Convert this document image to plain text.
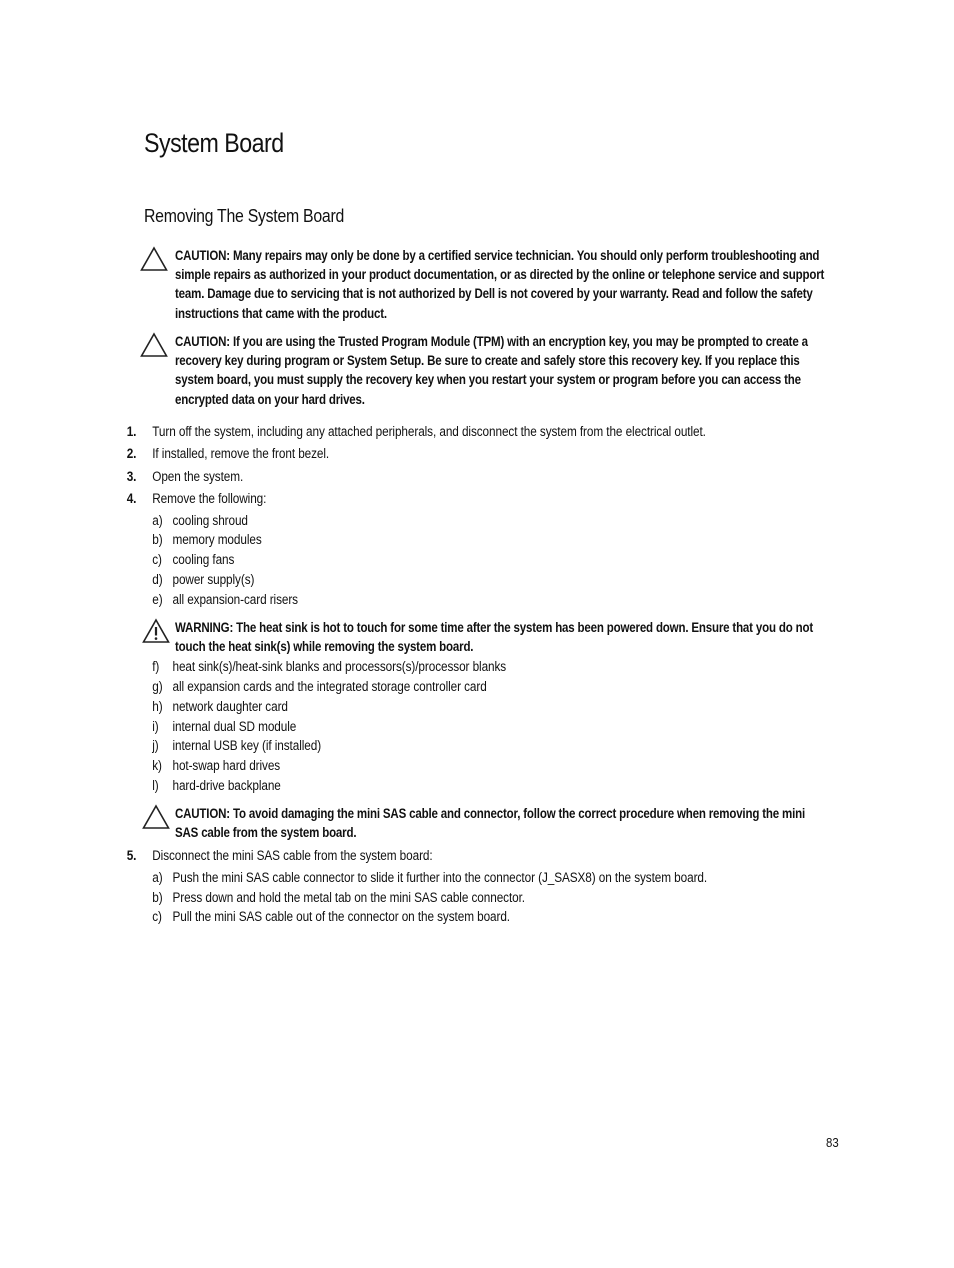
System Board
Removing The System Board
CAUTION: Many repairs may only be done by a certified service technician. You should only perform troubleshooting and simple repairs as authorized in your product documentation, or as directed by the online or telephone service and support team. Damage due to servicing that is not authorized by Dell is not covered by your warranty. Read and follow the safety instructions that came with the product.
CAUTION: If you are using the Trusted Program Module (TPM) with an encryption key, you may be prompted to create a recovery key during program or System Setup. Be sure to create and safely store this recovery key. If you replace this system board, you must supply the recovery key when you restart your system or program before you can access the encrypted data on your hard drives.
1. Turn off the system, including any attached peripherals, and disconnect the system from the electrical outlet.
2. If installed, remove the front bezel.
3. Open the system.
4. Remove the following:
a) cooling shroud
b) memory modules
c) cooling fans
d) power supply(s)
e) all expansion-card risers
WARNING: The heat sink is hot to touch for some time after the system has been powered down. Ensure that you do not touch the heat sink(s) while removing the system board.
f) heat sink(s)/heat-sink blanks and processors(s)/processor blanks
g) all expansion cards and the integrated storage controller card
h) network daughter card
i) internal dual SD module
j) internal USB key (if installed)
k) hot-swap hard drives
l) hard-drive backplane
CAUTION: To avoid damaging the mini SAS cable and connector, follow the correct procedure when removing the mini SAS cable from the system board.
5. Disconnect the mini SAS cable from the system board:
a) Push the mini SAS cable connector to slide it further into the connector (J_SASX8) on the system board.
b) Press down and hold the metal tab on the mini SAS cable connector.
c) Pull the mini SAS cable out of the connector on the system board.
83
